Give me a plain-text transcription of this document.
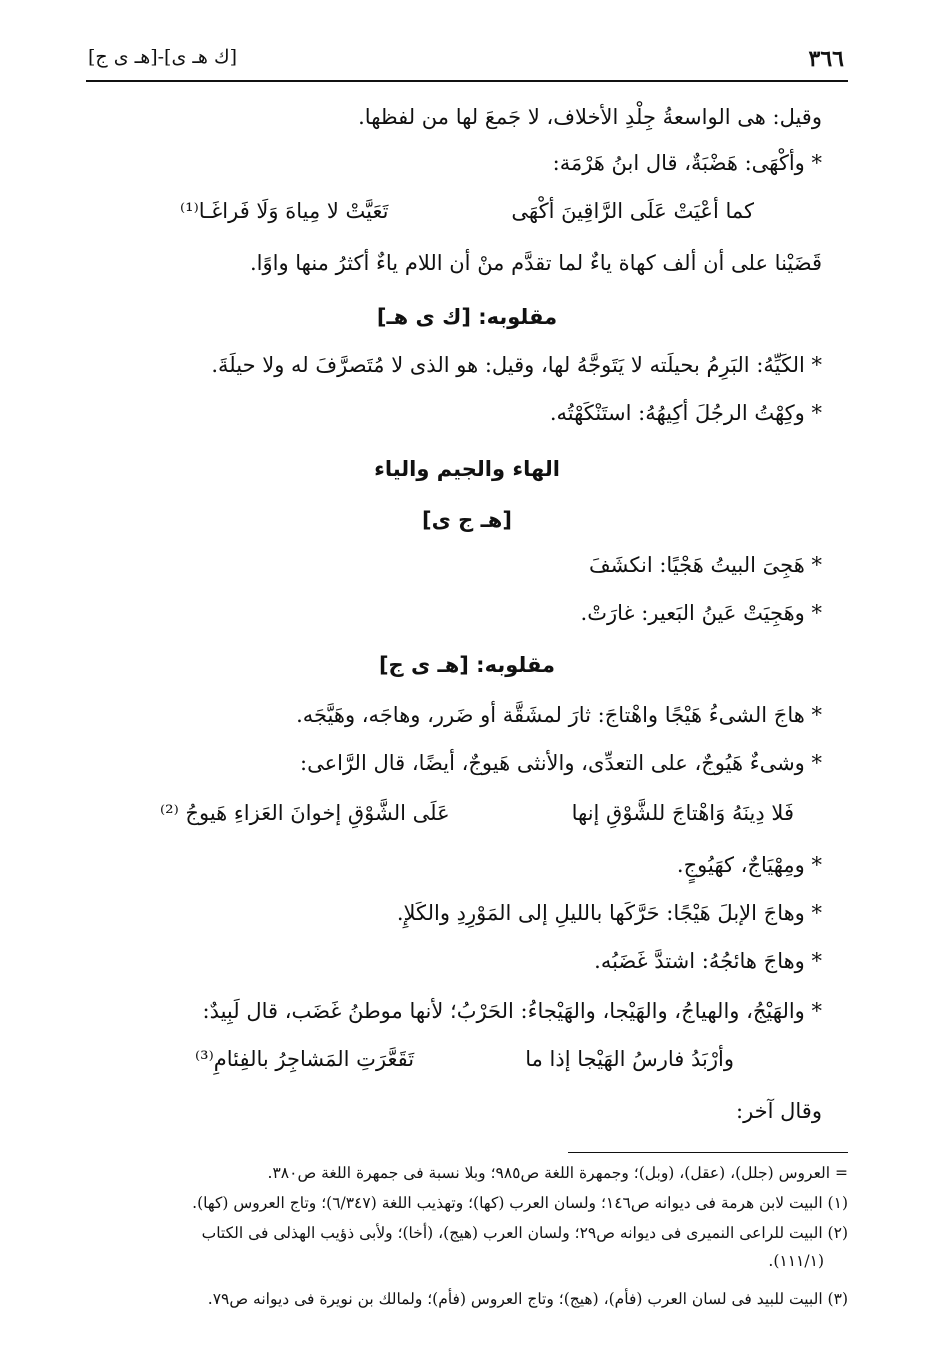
٣٦٦
[ك هـ ى]-[هـ ى ج]
وقيل: هى الواسعةُ جِلْدِ الأخلاف، لا جَمعَ لها من لفظها.
* وأكْهَى: هَضْبَةٌ، قال ابنُ هَرْمَة:
كما أعْيَتْ عَلَى الرَّاقِينَ أكْهَى
تَعَيَّتْ لا مِياهَ وَلَا فَراغَـا⁽¹⁾
قَضَيْنا على أن ألف كهاة ياءٌ لما تقدَّم منْ أن اللام ياءٌ أكثرُ منها واوًا.
مقلوبه: [ك ى هـ]
* الكَيِّهُ: البَرِمُ بحيلَته لا يَتَوجَّهُ لها، وقيل: هو الذى لا مُتَصرَّفَ له ولا حيلَةَ.
* وكِهْتُ الرجُلَ أكِيهُهُ: استَنْكَهْتُه.
الهاء والجيم والياء
[هـ ج ى]
* هَجِىَ البيتُ هَجْيًا: انكشَفَ
* وهَجِيَتْ عَينُ البَعير: غارَتْ.
مقلوبه: [هـ ى ج]
* هاجَ الشىءُ هَيْجًا واهْتاجَ: ثارَ لمشَقَّة أو ضَرر، وهاجَه، وهَيَّجَه.
* وشىءٌ هَيُوجٌ، على التعدِّى، والأنثى هَيوجٌ، أيضًا، قال الرَّاعى:
فَلا دِينَهُ وَاهْتاجَ للشَّوْقِ إنها
عَلَى الشَّوْقِ إخوانَ العَزاءِ هَيوجُ ⁽²⁾
* ومِهْيَاجٌ، كهَيُوجٍ.
* وهاجَ الإبلَ هَيْجًا: حَرَّكَها بالليلِ إلى المَوْرِدِ والكَلإِ.
* وهاجَ هائجُهُ: اشتدَّ غَضَبُه.
* والهَيْجُ، والهياجُ، والهَيْجا، والهَيْجاءُ: الحَرْبُ؛ لأنها موطنُ غَضَب، قال لَبِيدٌ:
وأرْبَدُ فارسُ الهَيْجا إذا ما
تَقَعَّرَتِ المَشاجِرُ بالفِئامِ⁽³⁾
وقال آخر:
= العروس (جلل)، (عقل)، (وبل)؛ وجمهرة اللغة ص٩٨٥؛ وبلا نسبة فى جمهرة اللغة ص٣٨٠.
(١) البيت لابن هرمة فى ديوانه ص١٤٦؛ ولسان العرب (كها)؛ وتهذيب اللغة (٦/٣٤٧)؛ وتاج العروس (كها).
(٢) البيت للراعى النميرى فى ديوانه ص٢٩؛ ولسان العرب (هيج)، (أخا)؛ ولأبى ذؤيب الهذلى فى الكتاب
(١١١/١).
(٣) البيت للبيد فى لسان العرب (فأم)، (هيج)؛ وتاج العروس (فأم)؛ ولمالك بن نويرة فى ديوانه ص٧٩.
